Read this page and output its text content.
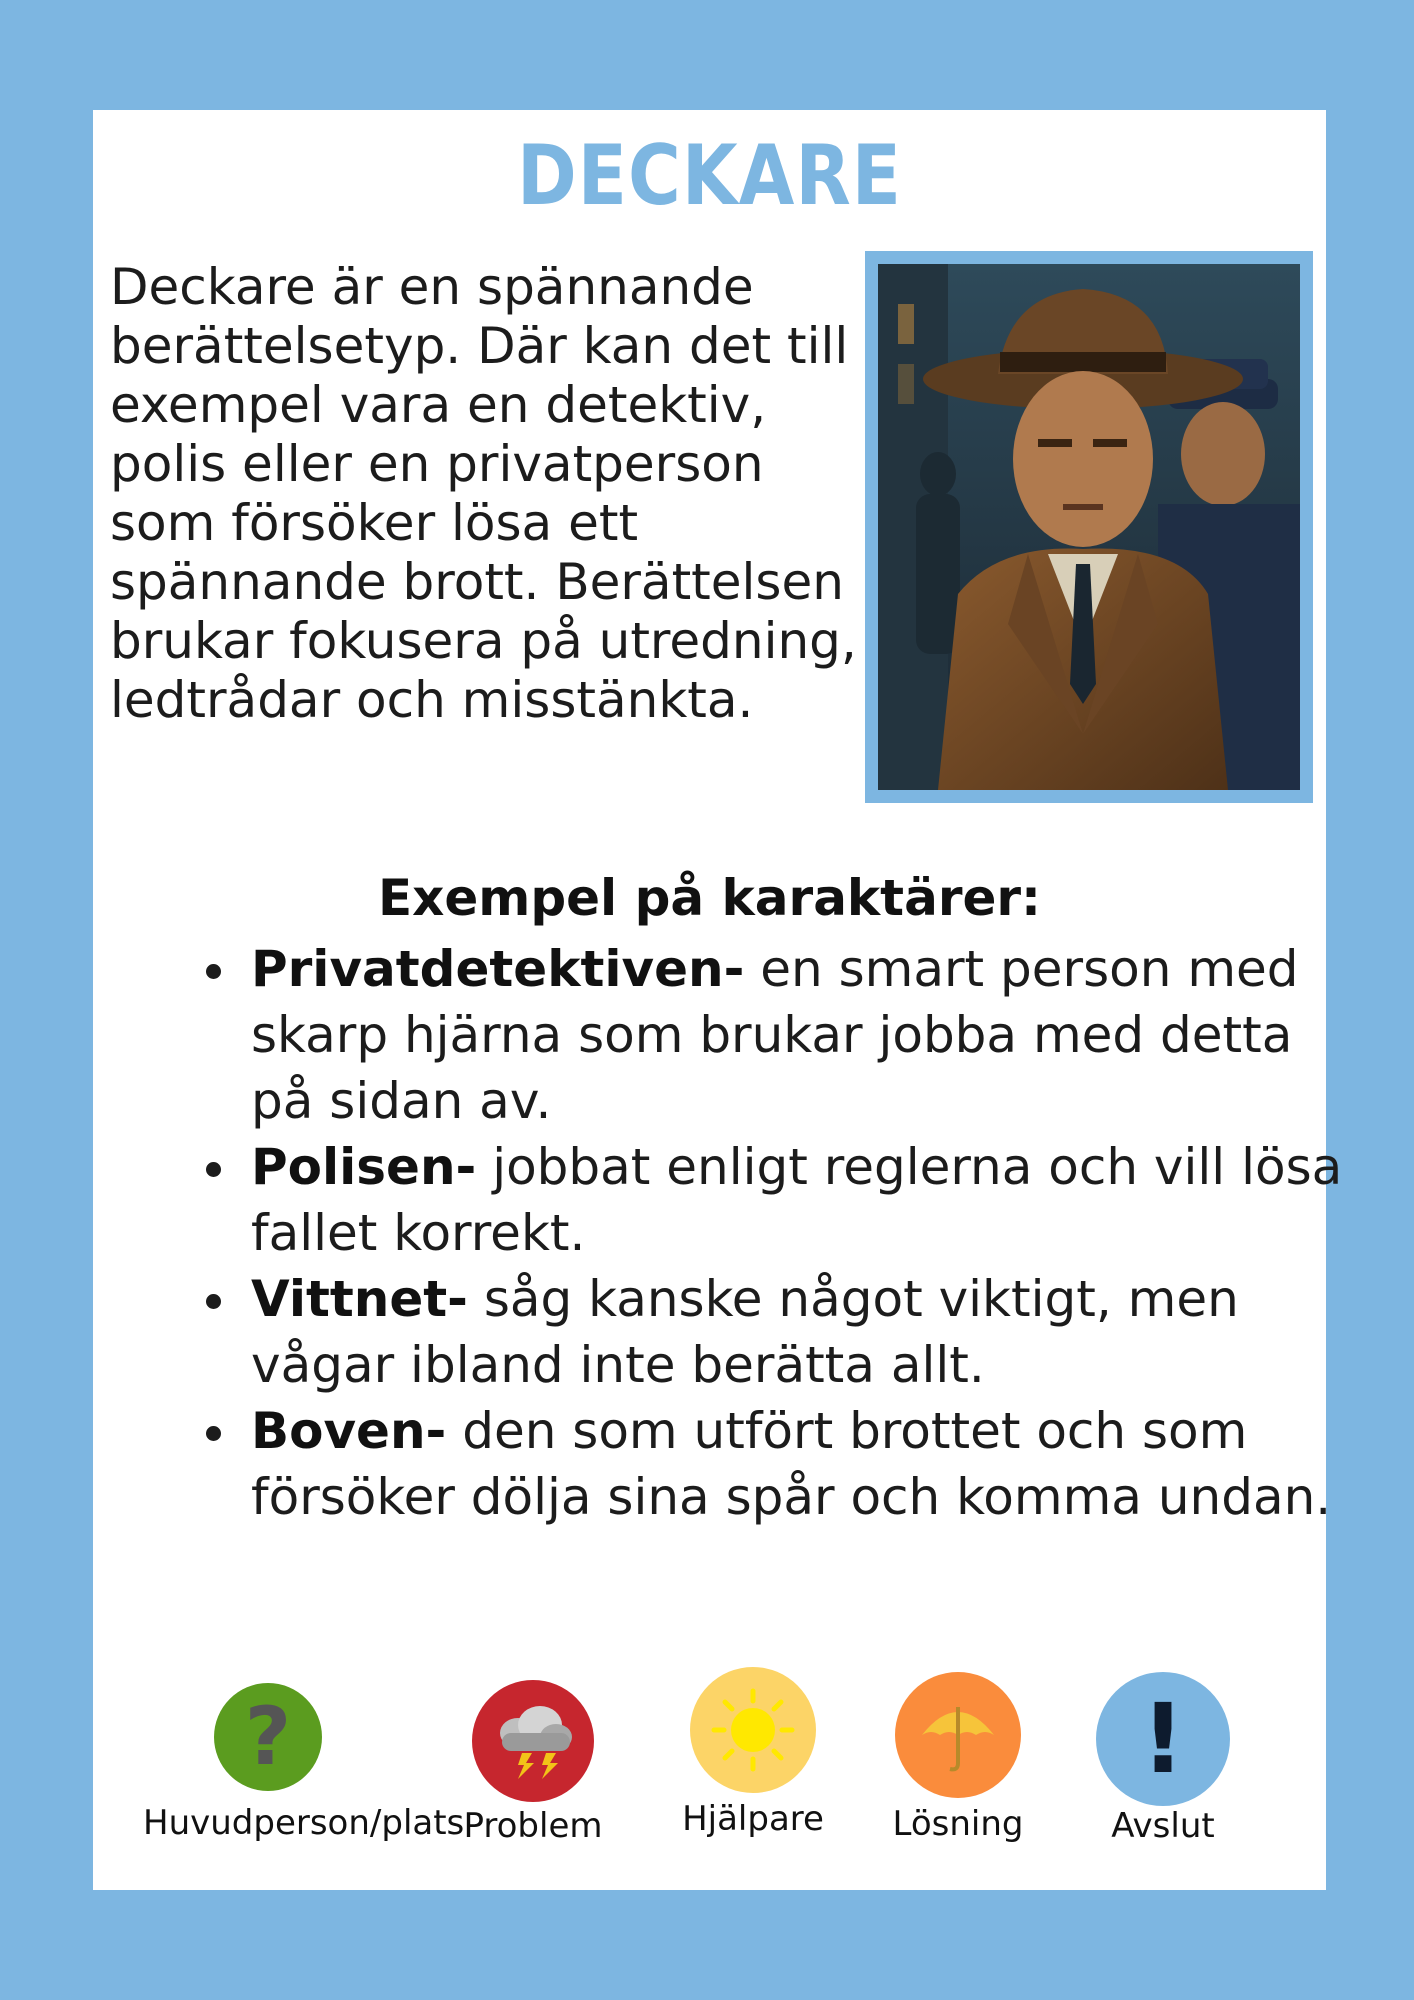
DECKARE

Deckare är en spännande berättelsetyp. Där kan det till exempel vara en detektiv, polis eller en privatperson som försöker lösa ett spännande brott. Berättelsen brukar fokusera på utredning, ledtrådar och misstänkta.

Exempel på karaktärer:
• Privatdetektiven- en smart person med skarp hjärna som brukar jobba med detta på sidan av.
• Polisen- jobbat enligt reglerna och vill lösa fallet korrekt.
• Vittnet- såg kanske något viktigt, men vågar ibland inte berätta allt.
• Boven- den som utfört brottet och som försöker dölja sina spår och komma undan.
?
Huvudperson/plats Problem	Hjälpare	Lösning
!
Avslut
